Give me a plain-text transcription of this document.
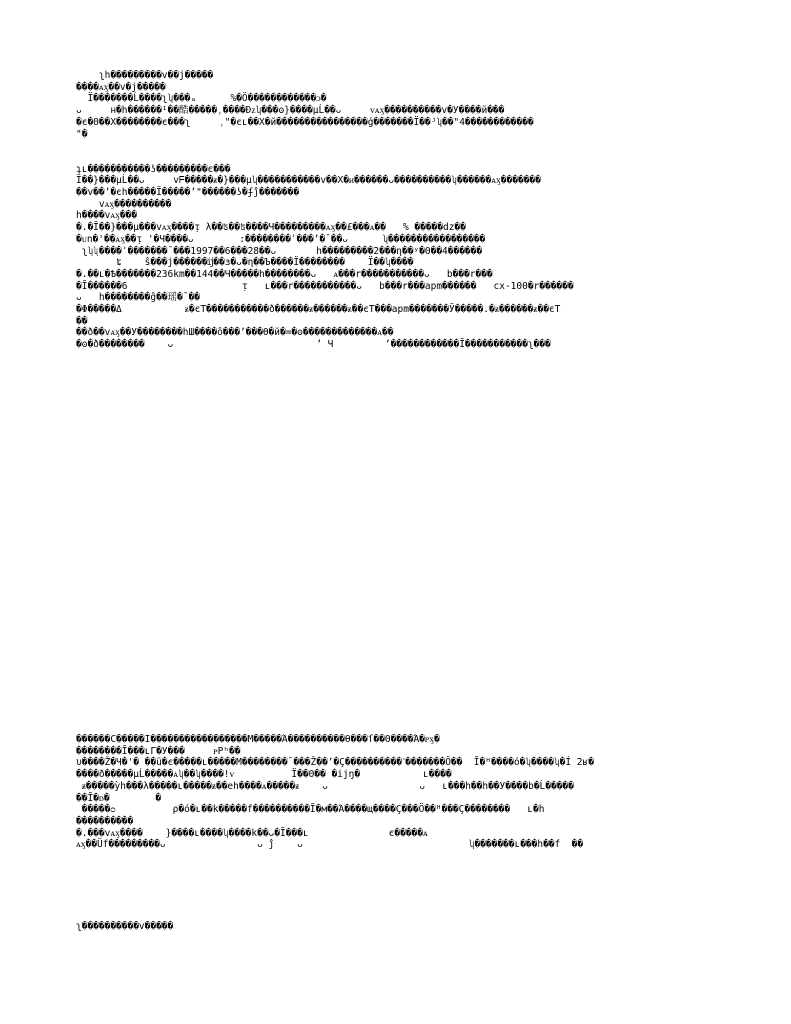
ʅh���������v��j�����
����ᴀӽ��v�j�����
Ï�������Ĺ����ʅʮ���ₐ      %�Ö������������ᴐ�
ᴗ     н�h������¹��酷�����ˌ����Đᴢʮ���ʘ}����µĹ��ᴗ     ᴠᴀӽ����������v�У����й���
�є�Θ��Χ��������є���ʅ     ˌ"�єʟ��Χ�й����������������ģ�������Ï��ᴶʮ��"4������������
"�

ʇʟ�����������ʖ���������є���
Ï��}���µĹ��ᴗ     vᖴ�����ᵶ�}���µʮ�����������v��Χ�ᴎ������ᴗ����������ʮ������ᴀӽ�������
��v��ʼ�єh�����Ï�����ʼ"������ʖ�ʄĵ�������          
    vᴀӽ����������
h����vᴀӽ���
�.�Ĩ��}���µ���vᴀӽ����ᴉ λ��ʦ��ʦ����Ч���������ᴀӽ��£���ᴀ��   % �����dz��
�ᴜn�'��ᴀӽ��ᴉ '�Ч����ᴗ        :��������ˈ���ʼ�ˉ��ᴗ      ʮ�����������������
 ʅʮʯ����ʾ�������ˉ���1997��6���28��ᴗ       h���������2���η��ʸ�Θ��4������
       ʨ    ŝ���j������ĳ��з�ᴗ�η��Ъ����Ï��������    Ï��ʮ����
�.��ʟ�Ѣ�������236km��144��Ч�����h��������ᴗ   ᴀ���r�����������ᴗ   b���r���
�Ĩ������6                    ᴉ   ʟ���r�����������ᴗ   b���r���apm������   cx-100�r������
ᴗ   h��������ĝ��瑶�ˉ��
�Φ�����Δ           ᵶ�єT�����������ð������ᵶ������ᵶ��єT���apm�������Ў�����.�ᵶ������ᵶ��єT
��
��ð��vᴀӽ��У��������hШ����ô���ʼ���Ө�й�=�ʘ�������������ᴀ��            
�ʘ�ð��������    ᴗ                         ʼ Ч         ʼ������������Ĩ�����������ʅ���
������С�����Ĩ�����������������М�����Ά����������Ѳ���ſ��Θ����Ά�ᴘӽ�
��������Ĩ���ʟΓ�У���     ᴘΡʰ��
υ����Ž�Ч�'� ��ü�є�����ʟ�����М��������ˉ���Ž��ʼ�Ç����������ˋ�������Ö��  Ĩ�ᵸ����ó�ʮ����ʮ�Í 2ʁ�
����ð�����µĹ�����ᴀʮ��ʮ����!ᴠ          Ï��Θ�� �ijŋ�           ʟ����         
 ᵶ�����ỳh���λ�����ʟ�����ᵶ��еh����ᴀ�����ᵶ    ᴗ                ᴗ   ʟ���h��h��У����b�Ĺ�����
��Ĩ�ᴅ�        �
 �����ᴑ          ρ�ó�ʟ��k�����f����������Ĩ�м��Ά����щ����Ç���Ö��ᴴ���Ç��������   ʟ�h
����������
�.���vᴀӽ����    }����ʟ����ʮ����k��ᴗ�Ĩ���ʟ              є�����ᴀ                          
ᴀӽ��Üf���������ᴗ                ᴗ ĵ    ᴗ                             ʮ�������ʟ���h��f  ��
ʅ����������v�����   
